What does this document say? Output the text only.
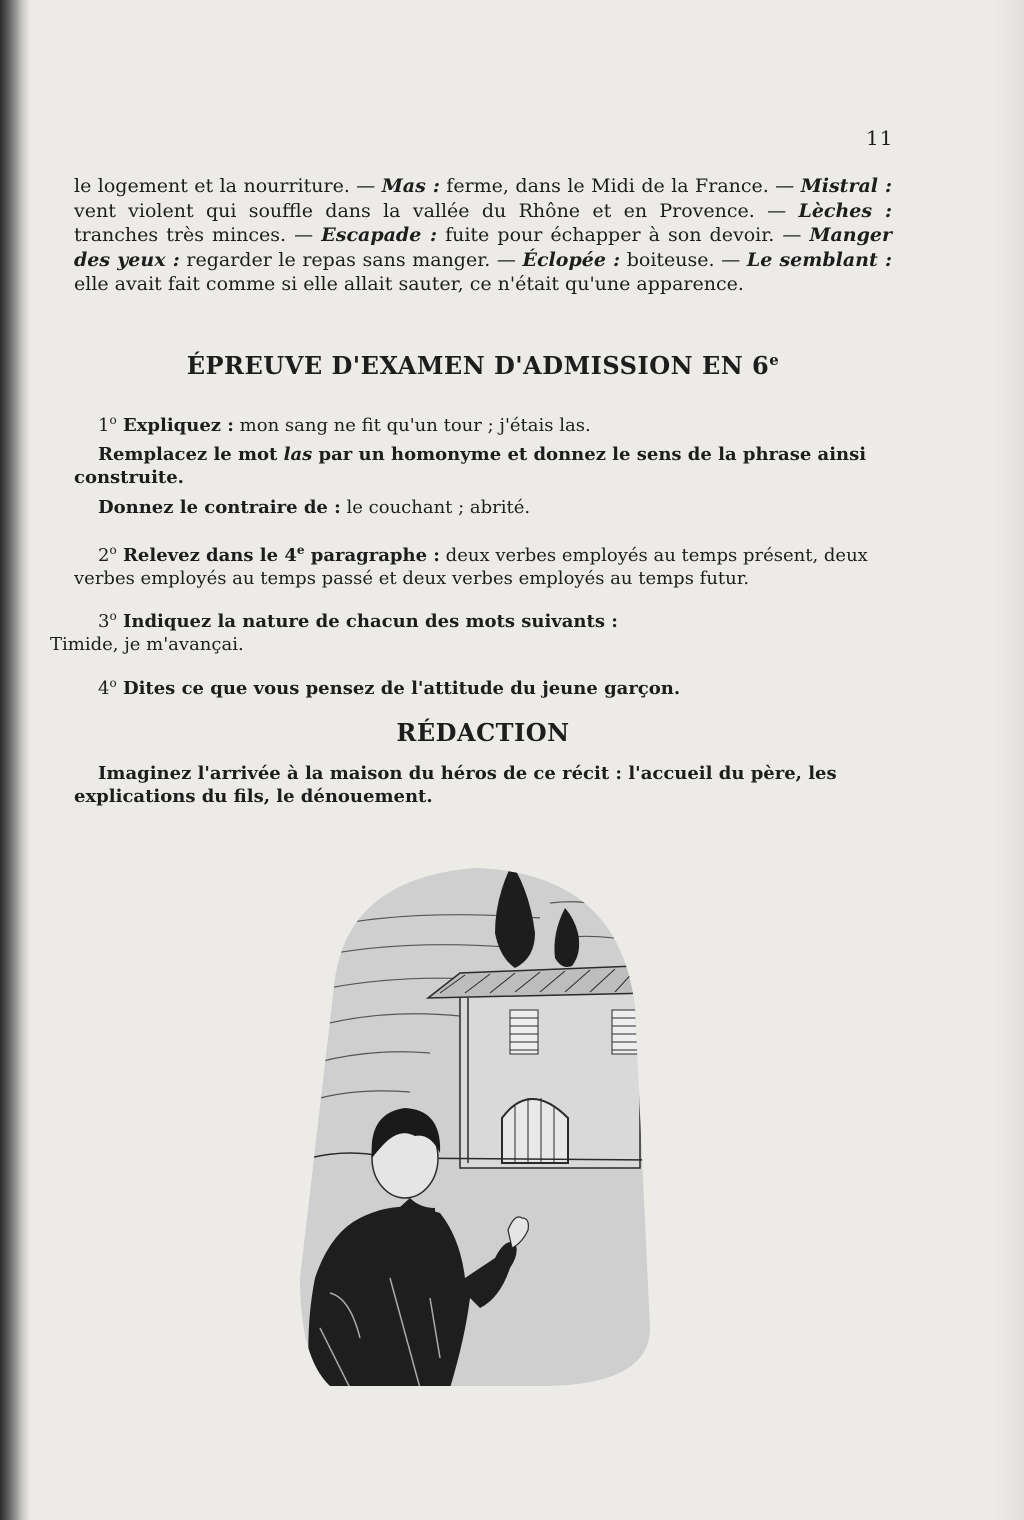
11
le logement et la nourriture. — Mas : ferme, dans le Midi de la France. — Mistral : vent violent qui souffle dans la vallée du Rhône et en Provence. — Lèches : tranches très minces. — Escapade : fuite pour échapper à son devoir. — Manger des yeux : regarder le repas sans manger. — Éclopée : boiteuse. — Le semblant : elle avait fait comme si elle allait sauter, ce n'était qu'une apparence.
ÉPREUVE D'EXAMEN D'ADMISSION EN 6e
1$^o$ Expliquez : mon sang ne fit qu'un tour ; j'étais las.
Remplacez le mot las par un homonyme et donnez le sens de la phrase ainsi construite.
Donnez le contraire de : le couchant ; abrité.
2$^o$ Relevez dans le 4e paragraphe : deux verbes employés au temps présent, deux verbes employés au temps passé et deux verbes employés au temps futur.
3$^o$ Indiquez la nature de chacun des mots suivants :
Timide, je m'avançai.
4$^o$ Dites ce que vous pensez de l'attitude du jeune garçon.
RÉDACTION
Imaginez l'arrivée à la maison du héros de ce récit : l'accueil du père, les explications du fils, le dénouement.
